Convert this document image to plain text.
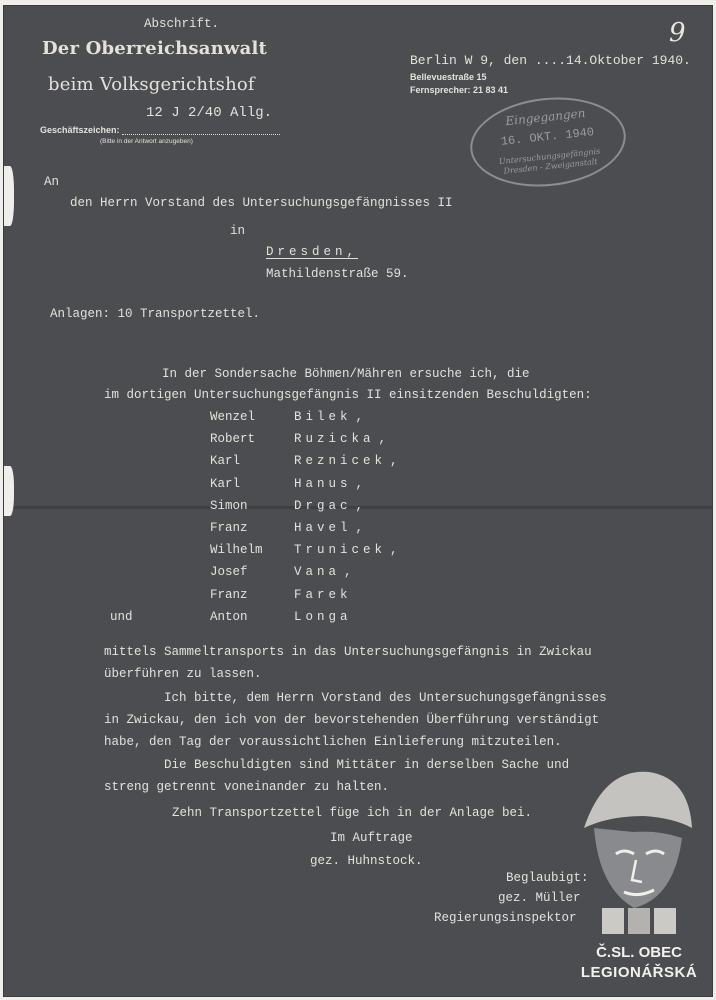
Abschrift.
Der Oberreichsanwalt
beim Volksgerichtshof
12 J 2/40 Allg.
Geschäftszeichen:
(Bitte in der Antwort anzugeben)
Berlin W 9, den ....14.Oktober 1940.
Bellevuestraße 15
Fernsprecher: 21 83 41
9
Eingegangen
16. OKT. 1940
Untersuchungsgefängnis Dresden - Zweiganstalt
An
den Herrn Vorstand des Untersuchungsgefängnisses II
in
Dresden,
Mathildenstraße 59.
Anlagen: 10 Transportzettel.
In der Sondersache Böhmen/Mähren ersuche ich, die
im dortigen Untersuchungsgefängnis II einsitzenden Beschuldigten:
Wenzel	Bilek ,
Robert	Ruzicka ,
Karl	Reznicek ,
Karl	Hanus ,
Simon	Drgac ,
Franz	Havel ,
Wilhelm	Trunicek ,
Josef	Vana ,
Franz	Farek
Anton	Longa
und
mittels Sammeltransports in das Untersuchungsgefängnis in Zwickau
überführen zu lassen.
Ich bitte, dem Herrn Vorstand des Untersuchungsgefängnisses
in Zwickau, den ich von der bevorstehenden Überführung verständigt
habe, den Tag der voraussichtlichen Einlieferung mitzuteilen.
Die Beschuldigten sind Mittäter in derselben Sache und
streng getrennt voneinander zu halten.
Zehn Transportzettel füge ich in der Anlage bei.
Im Auftrage
gez. Huhnstock.
Beglaubigt:
gez. Müller
Regierungsinspektor
Č.SL. OBEC
LEGIONÁŘSKÁ
